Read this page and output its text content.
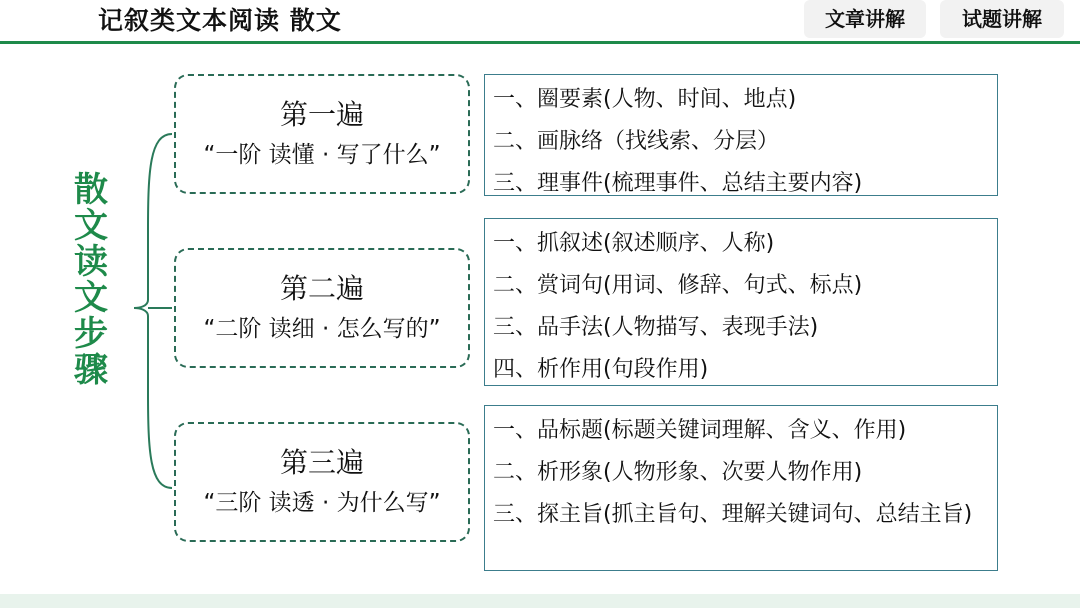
记叙类文本阅读 散文	文章讲解	试题讲解
散文读文步骤
第一遍
“一阶 读懂 · 写了什么”
第二遍
“二阶 读细 · 怎么写的”
第三遍
“三阶 读透 · 为什么写”
一、圈要素(人物、时间、地点)
二、画脉络（找线索、分层）
三、理事件(梳理事件、总结主要内容)
一、抓叙述(叙述顺序、人称)
二、赏词句(用词、修辞、句式、标点)
三、品手法(人物描写、表现手法)
四、析作用(句段作用)
一、品标题(标题关键词理解、含义、作用)
二、析形象(人物形象、次要人物作用)
三、探主旨(抓主旨句、理解关键词句、总结主旨)
